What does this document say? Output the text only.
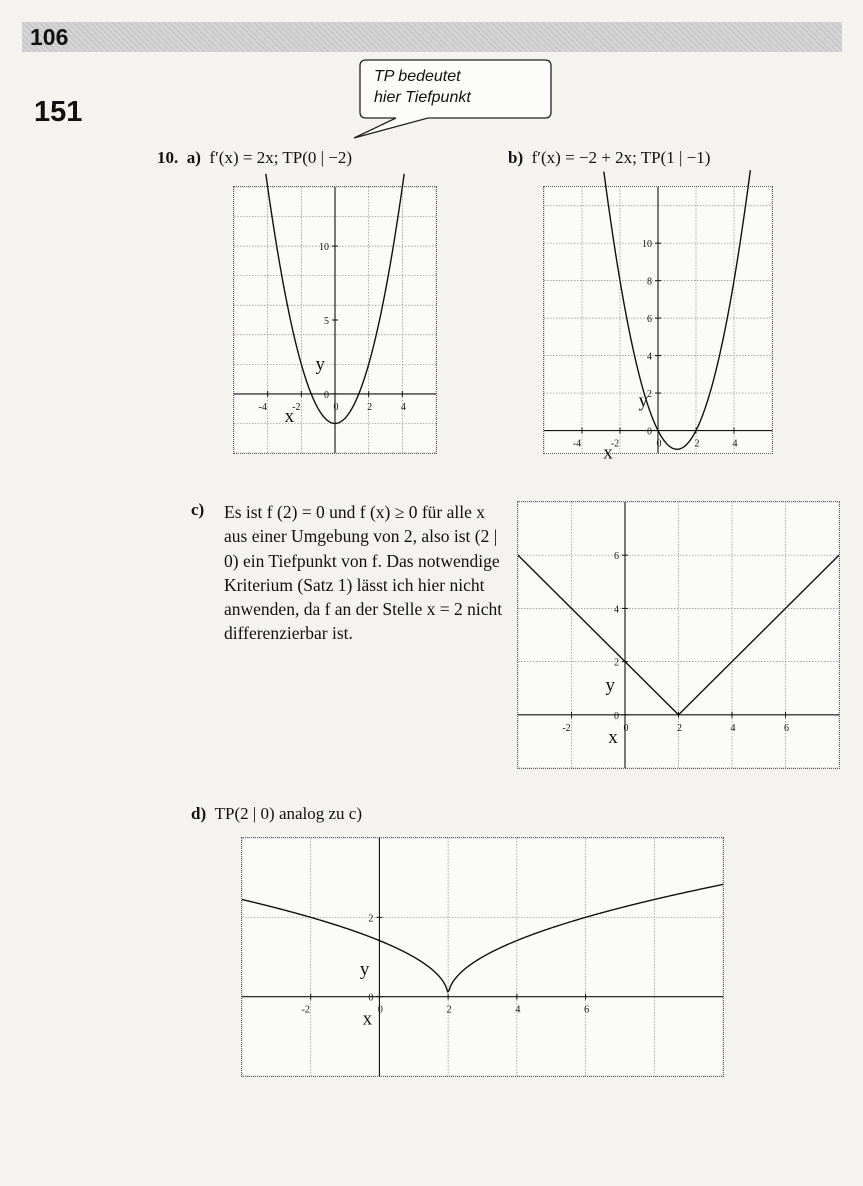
106
151
TP bedeutet
hier Tiefpunkt
10. a) f′(x) = 2x; TP(0 | −2)	b) f′(x) = −2 + 2x; TP(1 | −1)
-4	-2	0	2	4
0
5
10
x
y
-4	-2	0	2	4
0
2
4
6
8
10
x
y
c) Es ist f (2) = 0 und f (x) ≥ 0 für alle x aus einer Umgebung von 2, also ist (2 | 0) ein Tiefpunkt von f. Das notwendige Kriterium (Satz 1) lässt ich hier nicht anwenden, da f an der Stelle x = 2 nicht differenzierbar ist.
-2	0	2	4	6
0
2
4
6
x
y
d) TP(2 | 0) analog zu c)
-2	0	2	4	6
0
2
x
y
